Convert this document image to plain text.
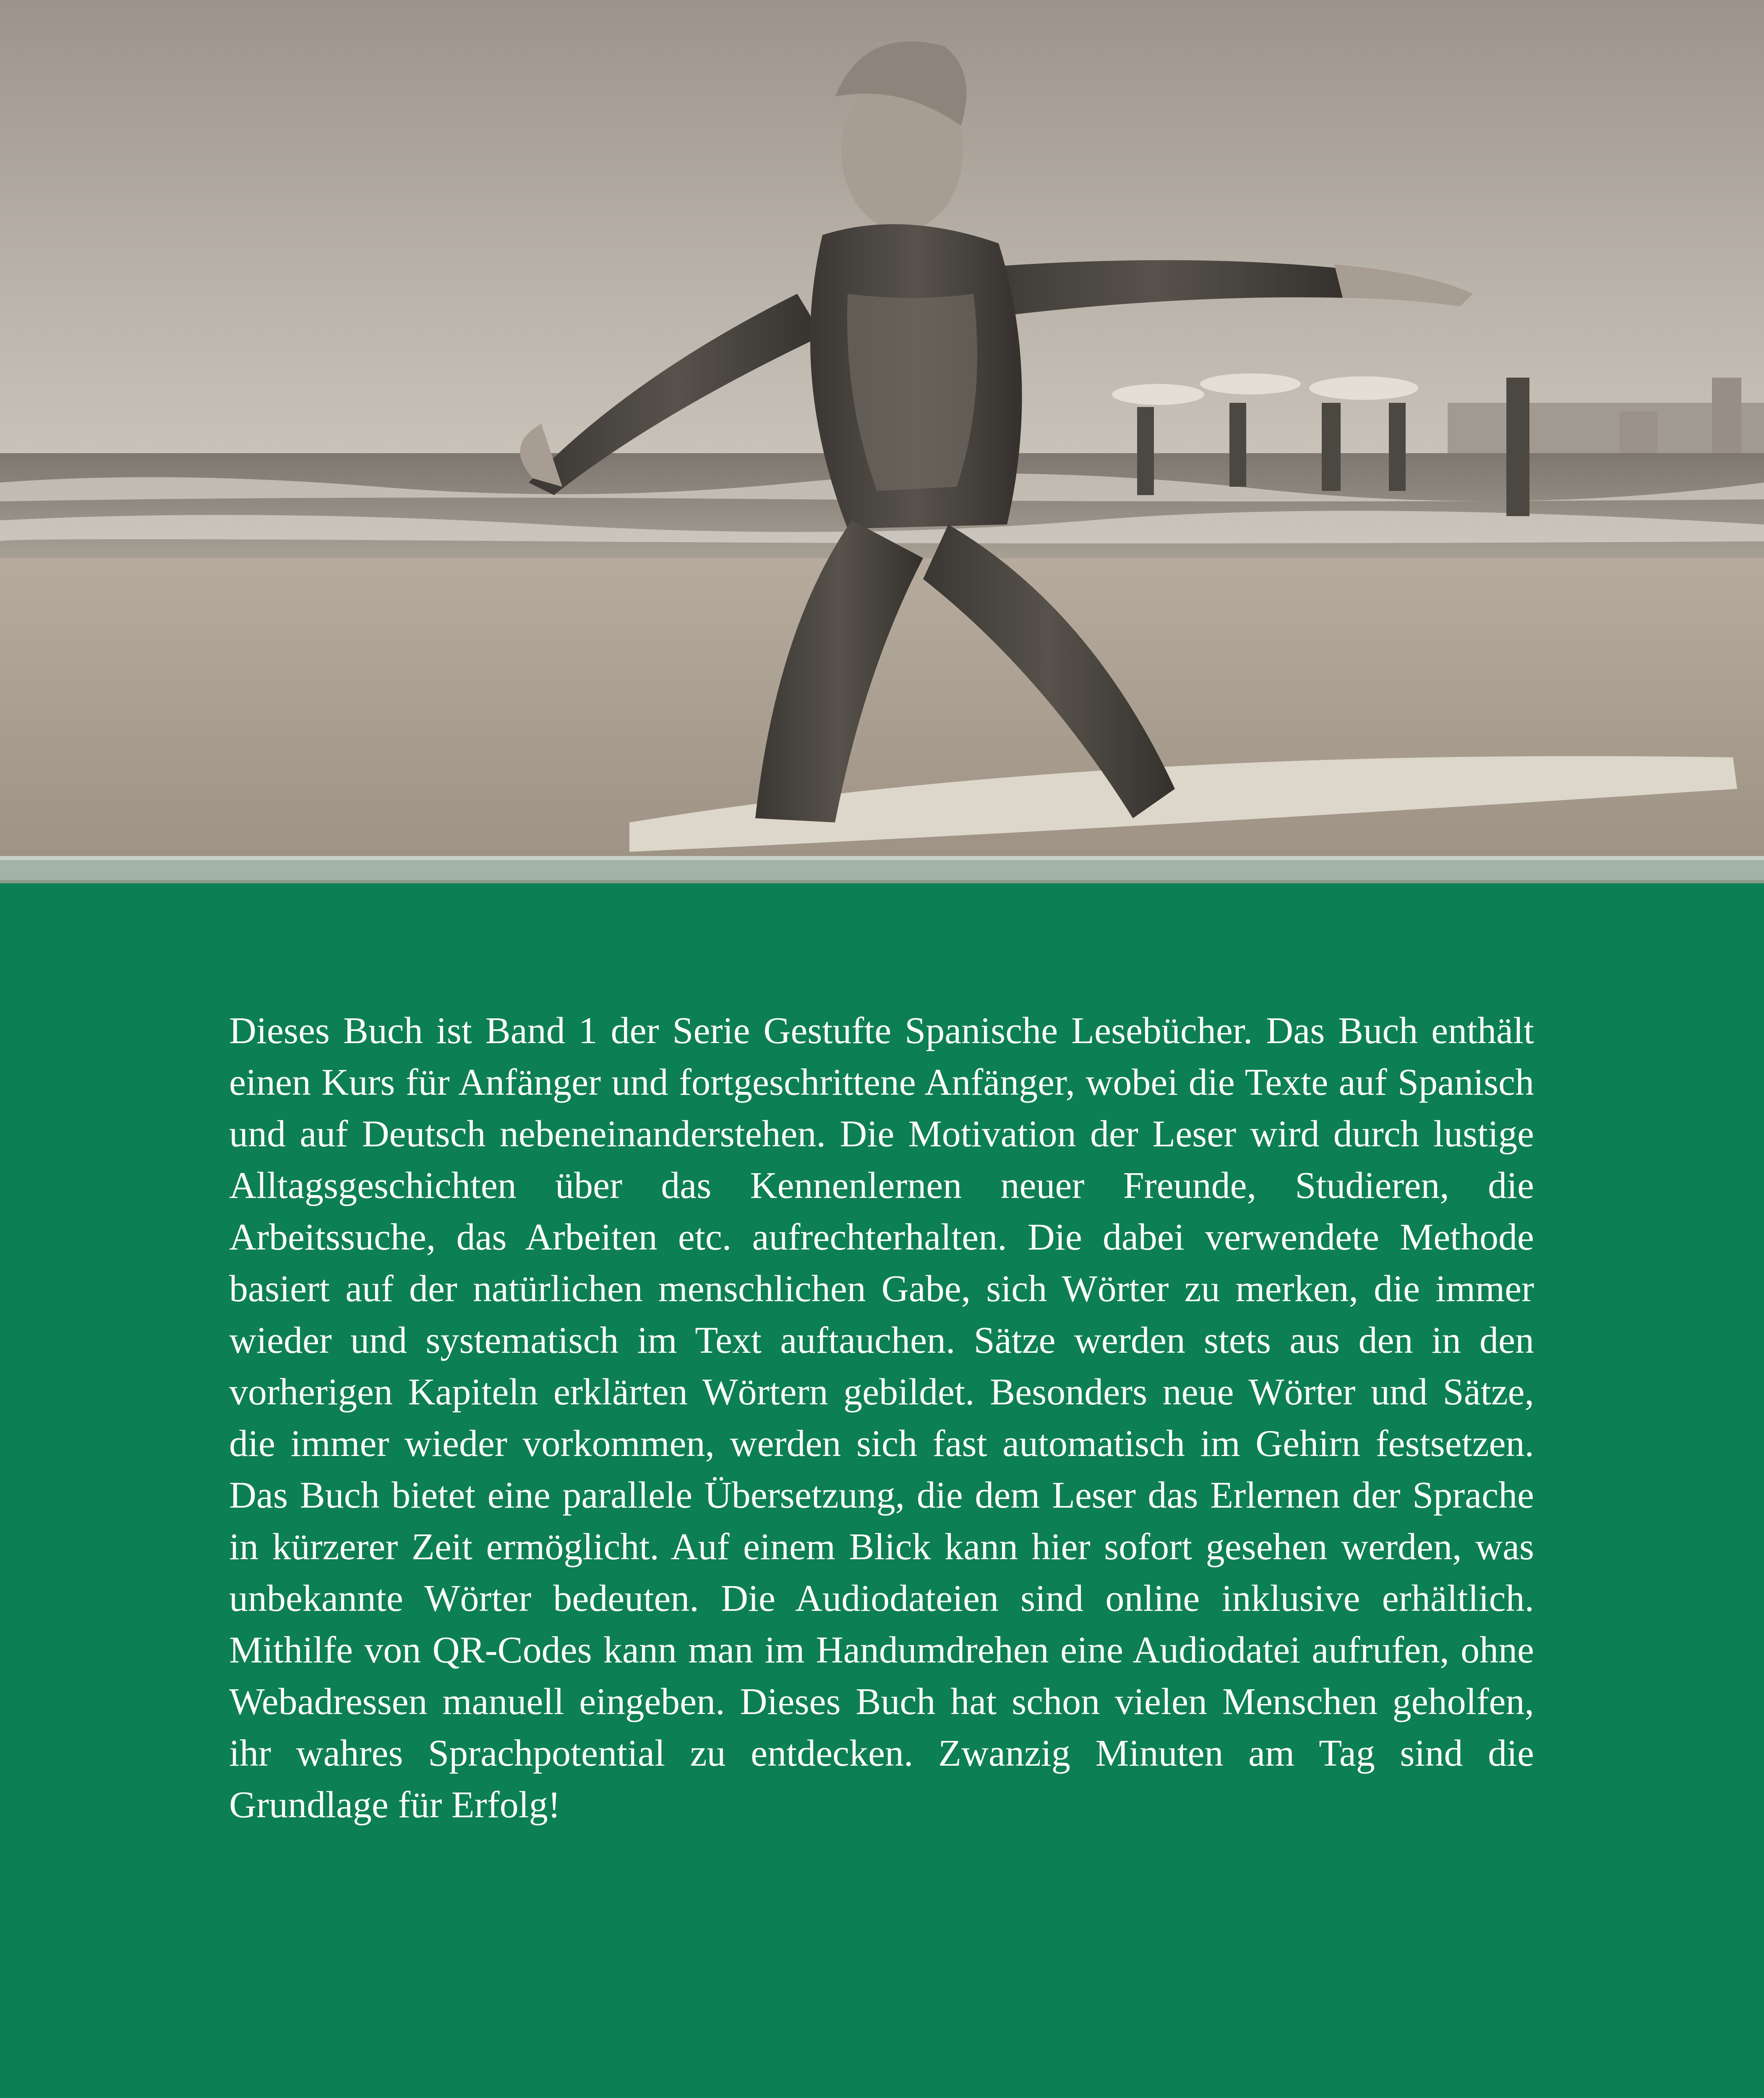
Dieses Buch ist Band 1 der Serie Gestufte Spanische Lesebücher. Das Buch enthält einen Kurs für Anfänger und fortgeschrittene Anfänger, wobei die Texte auf Spanisch und auf Deutsch nebeneinanderstehen. Die Motivation der Leser wird durch lustige Alltagsgeschichten über das Kennenlernen neuer Freunde, Studieren, die Arbeitssuche, das Arbeiten etc. aufrechterhalten. Die dabei verwendete Methode basiert auf der natürlichen menschlichen Gabe, sich Wörter zu merken, die immer wieder und systematisch im Text auftauchen. Sätze werden stets aus den in den vorherigen Kapiteln erklärten Wörtern gebildet. Besonders neue Wörter und Sätze, die immer wieder vorkommen, werden sich fast automatisch im Gehirn festsetzen. Das Buch bietet eine parallele Übersetzung, die dem Leser das Erlernen der Sprache in kürzerer Zeit ermöglicht. Auf einem Blick kann hier sofort gesehen werden, was unbekannte Wörter bedeuten. Die Audiodateien sind online inklusive erhältlich. Mithilfe von QR-Codes kann man im Handumdrehen eine Audiodatei aufrufen, ohne Webadressen manuell eingeben. Dieses Buch hat schon vielen Menschen geholfen, ihr wahres Sprachpotential zu entdecken. Zwanzig Minuten am Tag sind die Grundlage für Erfolg!
